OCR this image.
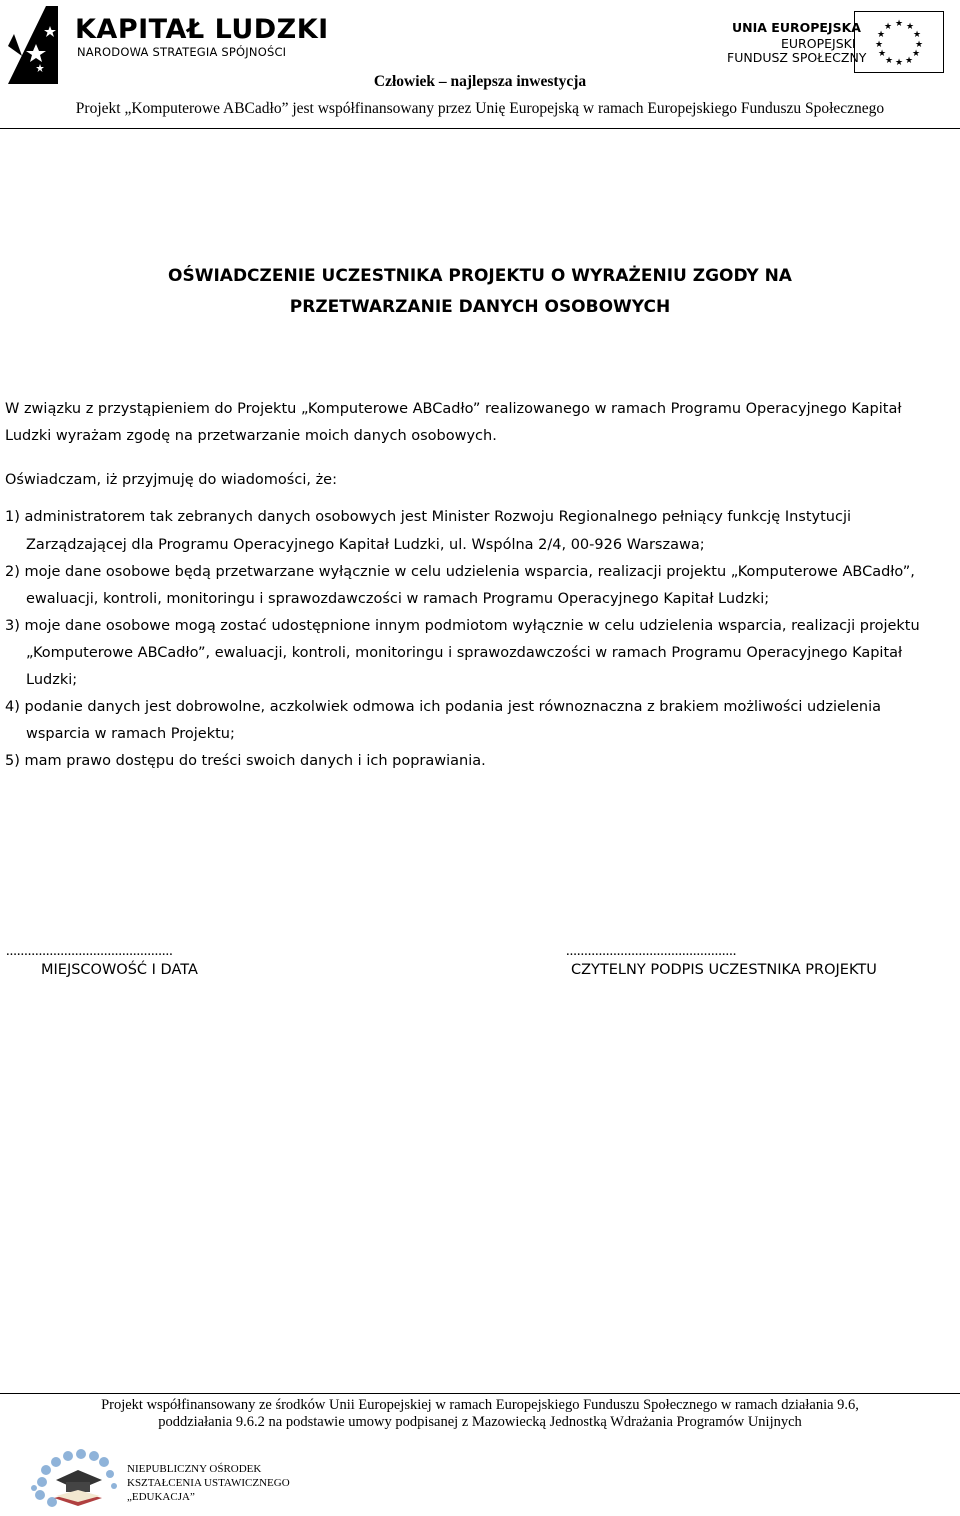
KAPITAŁ LUDZKI
NARODOWA STRATEGIA SPÓJNOŚCI
UNIA EUROPEJSKA
EUROPEJSKI
FUNDUSZ SPOŁECZNY
★ ★
★
★
★
★
★
★
★
★
★
★
Człowiek – najlepsza inwestycja
Projekt „Komputerowe ABCadło” jest współfinansowany przez Unię Europejską w ramach Europejskiego Funduszu Społecznego
OŚWIADCZENIE UCZESTNIKA PROJEKTU O WYRAŻENIU ZGODY NA
PRZETWARZANIE DANYCH OSOBOWYCH
W związku z przystąpieniem do Projektu „Komputerowe ABCadło” realizowanego w ramach Programu Operacyjnego Kapitał
Ludzki wyrażam zgodę na przetwarzanie moich danych osobowych.
Oświadczam, iż przyjmuję do wiadomości, że:
1) administratorem tak zebranych danych osobowych jest Minister Rozwoju Regionalnego pełniący funkcję Instytucji
Zarządzającej dla Programu Operacyjnego Kapitał Ludzki, ul. Wspólna 2/4, 00-926 Warszawa;
2) moje dane osobowe będą przetwarzane wyłącznie w celu udzielenia wsparcia, realizacji projektu „Komputerowe ABCadło”,
ewaluacji, kontroli, monitoringu i sprawozdawczości w ramach Programu Operacyjnego Kapitał Ludzki;
3) moje dane osobowe mogą zostać udostępnione innym podmiotom wyłącznie w celu udzielenia wsparcia, realizacji projektu
„Komputerowe ABCadło”, ewaluacji, kontroli, monitoringu i sprawozdawczości w ramach Programu Operacyjnego Kapitał
Ludzki;
4) podanie danych jest dobrowolne, aczkolwiek odmowa ich podania jest równoznaczna z brakiem możliwości udzielenia
wsparcia w ramach Projektu;
5) mam prawo dostępu do treści swoich danych i ich poprawiania.
..............................................
MIEJSCOWOŚĆ I DATA
...............................................
CZYTELNY PODPIS UCZESTNIKA PROJEKTU
Projekt współfinansowany ze środków Unii Europejskiej w ramach Europejskiego Funduszu Społecznego w ramach działania 9.6,
poddziałania 9.6.2 na podstawie umowy podpisanej z Mazowiecką Jednostką Wdrażania Programów Unijnych
NIEPUBLICZNY OŚRODEK
KSZTAŁCENIA USTAWICZNEGO
„EDUKACJA”
